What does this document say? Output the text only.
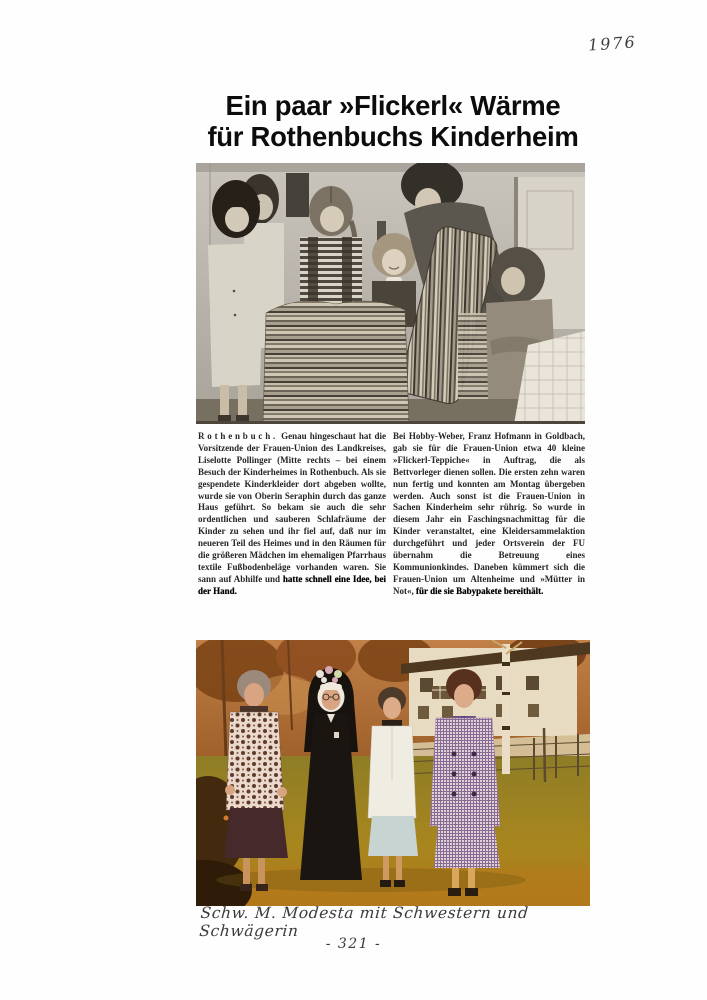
1976
Ein paar »Flickerl« Wärme
für Rothenbuchs Kinderheim
Rothenbuch. Genau hingeschaut hat die Vorsitzende der Frauen-Union des Landkreises, Liselotte Pollinger (Mitte rechts – bei einem Besuch der Kinderheimes in Rothenbuch. Als sie gespendete Kinderkleider dort abgeben wollte, wurde sie von Oberin Seraphin durch das ganze Haus geführt. So bekam sie auch die sehr ordentlichen und sauberen Schlafräume der Kinder zu sehen und ihr fiel auf, daß nur im neueren Teil des Heimes und in den Räumen für die größeren Mädchen im ehemaligen Pfarrhaus textile Fußbodenbeläge vorhanden waren. Sie sann auf Abhilfe und hatte schnell eine Idee, bei der Hand.
Bei Hobby-Weber, Franz Hofmann in Goldbach, gab sie für die Frauen-Union etwa 40 kleine »Flickerl-Teppiche« in Auftrag, die als Bettvorleger dienen sollen. Die ersten zehn waren nun fertig und konnten am Montag übergeben werden. Auch sonst ist die Frauen-Union in Sachen Kinderheim sehr rührig. So wurde in diesem Jahr ein Faschingsnachmittag für die Kinder veranstaltet, eine Kleidersammelaktion durchgeführt und jeder Ortsverein der FU übernahm die Betreuung eines Kommunionkindes. Daneben kümmert sich die Frauen-Union um Altenheime und »Mütter in Not«, für die sie Babypakete bereithält.
Schw. M. Modesta mit Schwestern und Schwägerin
- 321 -
